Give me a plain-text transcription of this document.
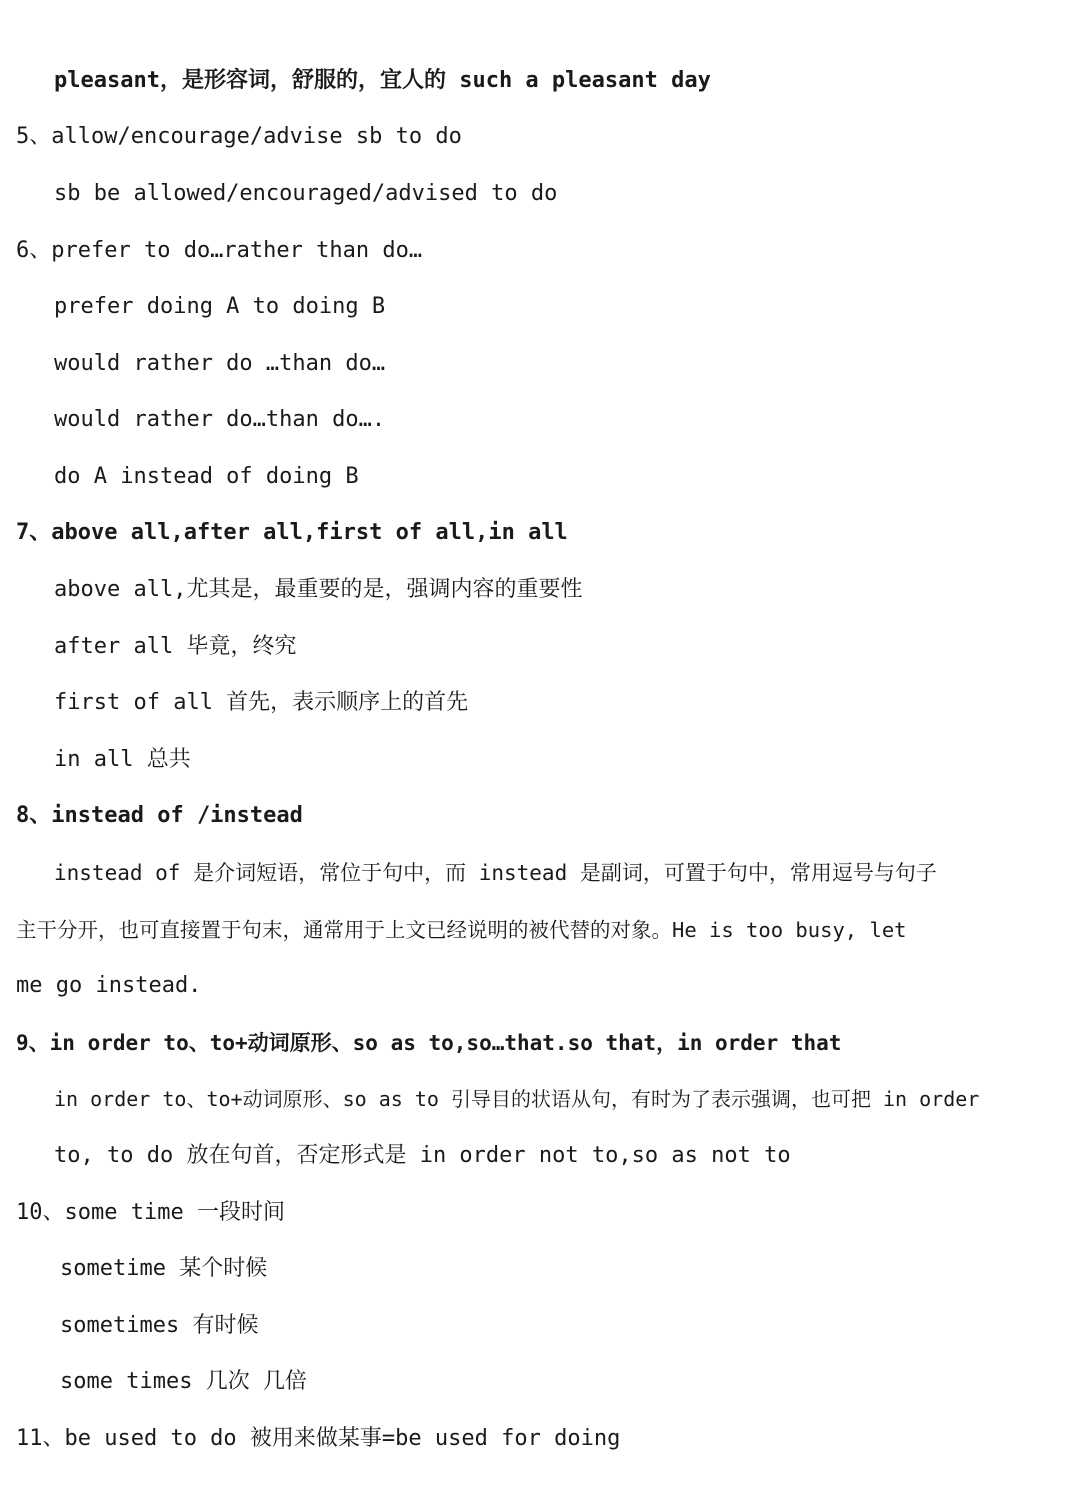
pleasant，是形容词，舒服的，宜人的 such a pleasant day
5、allow/encourage/advise sb to do
sb be allowed/encouraged/advised to do
6、prefer to do…rather than do…
prefer doing A to doing B
would rather do …than do…
would rather do…than do….
do A instead of doing B
7、above all,after all,first of all,in all
above all,尤其是，最重要的是，强调内容的重要性
after all 毕竟，终究
first of all 首先，表示顺序上的首先
in all 总共
8、instead of /instead
instead of 是介词短语，常位于句中，而 instead 是副词，可置于句中，常用逗号与句子
主干分开，也可直接置于句末，通常用于上文已经说明的被代替的对象。He is too busy, let
me go instead.
9、in order to、to+动词原形、so as to,so…that.so that，in order that
in order to、to+动词原形、so as to 引导目的状语从句，有时为了表示强调，也可把 in order
to, to do 放在句首，否定形式是 in order not to,so as not to
10、some time 一段时间
sometime 某个时候
sometimes 有时候
some times 几次 几倍
11、be used to do 被用来做某事=be used for doing
